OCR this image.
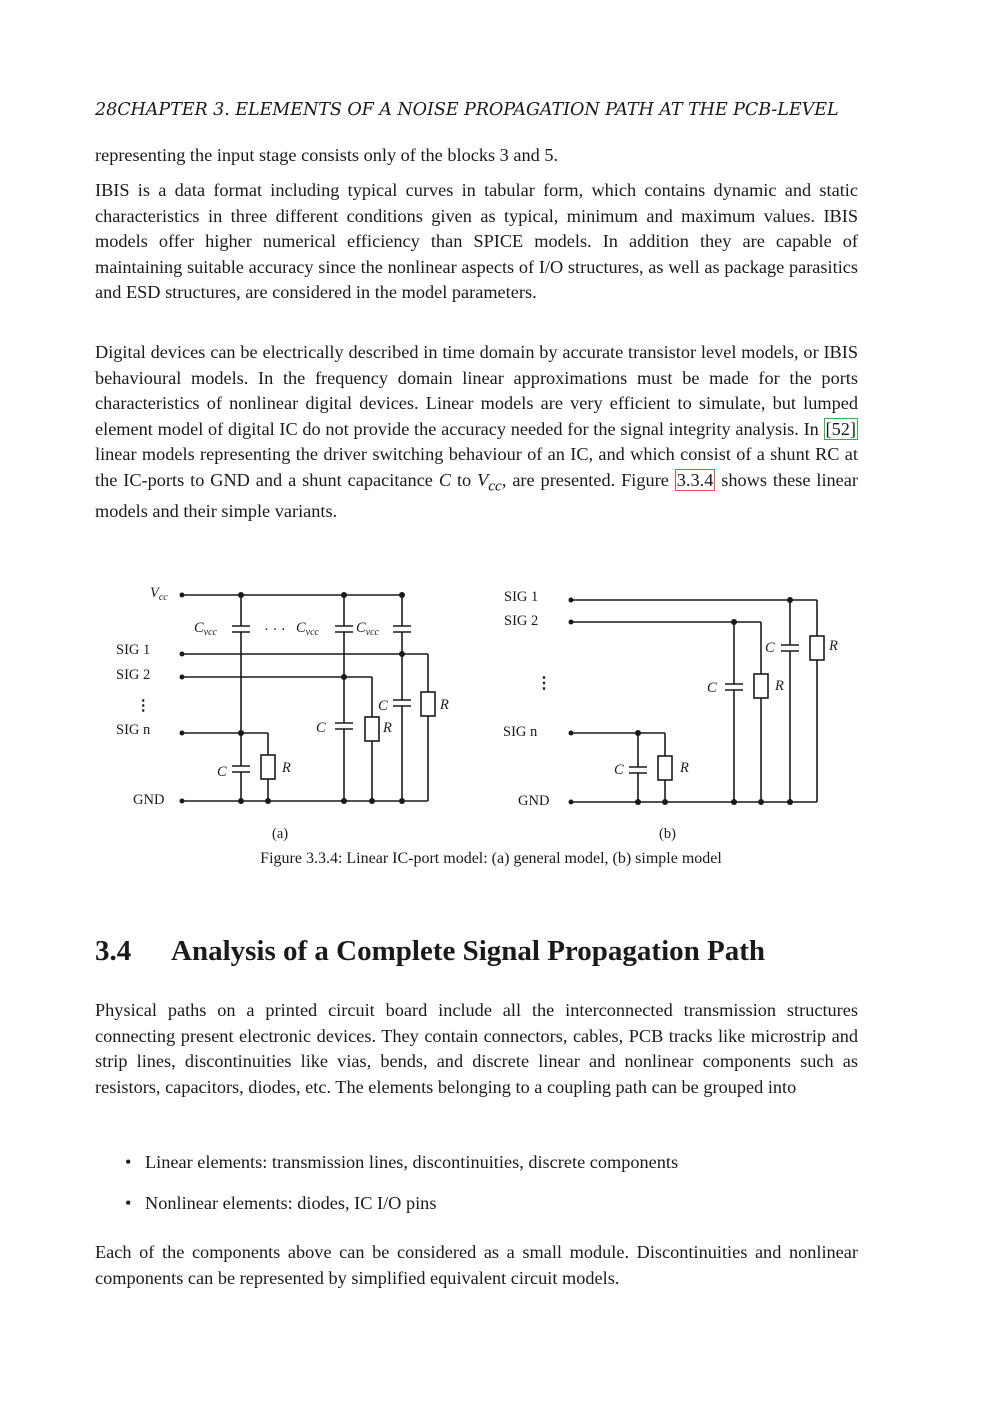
28CHAPTER 3. ELEMENTS OF A NOISE PROPAGATION PATH AT THE PCB-LEVEL

representing the input stage consists only of the blocks 3 and 5.

IBIS is a data format including typical curves in tabular form, which contains dynamic and static characteristics in three different conditions given as typical, minimum and maximum values. IBIS models offer higher numerical efficiency than SPICE models. In addition they are capable of maintaining suitable accuracy since the nonlinear aspects of I/O structures, as well as package parasitics and ESD structures, are considered in the model parameters.

Digital devices can be electrically described in time domain by accurate transistor level models, or IBIS behavioural models. In the frequency domain linear approximations must be made for the ports characteristics of nonlinear digital devices. Linear models are very efficient to simulate, but lumped element model of digital IC do not provide the accuracy needed for the signal integrity analysis. In [52] linear models representing the driver switching behaviour of an IC, and which consist of a shunt RC at the IC-ports to GND and a shunt capacitance C to $V_{cc}$, are presented. Figure 3.3.4 shows these linear models and their simple variants.

3.4 Analysis of a Complete Signal Propagation Path

Physical paths on a printed circuit board include all the interconnected transmission structures connecting present electronic devices. They contain connectors, cables, PCB tracks like microstrip and strip lines, discontinuities like vias, bends, and discrete linear and nonlinear components such as resistors, capacitors, diodes, etc. The elements belonging to a coupling path can be grouped into

• Linear elements: transmission lines, discontinuities, discrete components
• Nonlinear elements: diodes, IC I/O pins

Each of the components above can be considered as a small module. Discontinuities and nonlinear components can be represented by simplified equivalent circuit models.

Figure 3.3.4: Linear IC-port model: (a) general model, (b) simple model
$V_{cc}$
SIG 1
SIG 2
⋮
SIG n
GND
$C_{vcc}$	· · · $C_{vcc}$	$C_{vcc}$
C	R
C	R
C	R
(a)
SIG 1
SIG 2
⋮
SIG n
GND
C	R
C	R
C	R
(b)
